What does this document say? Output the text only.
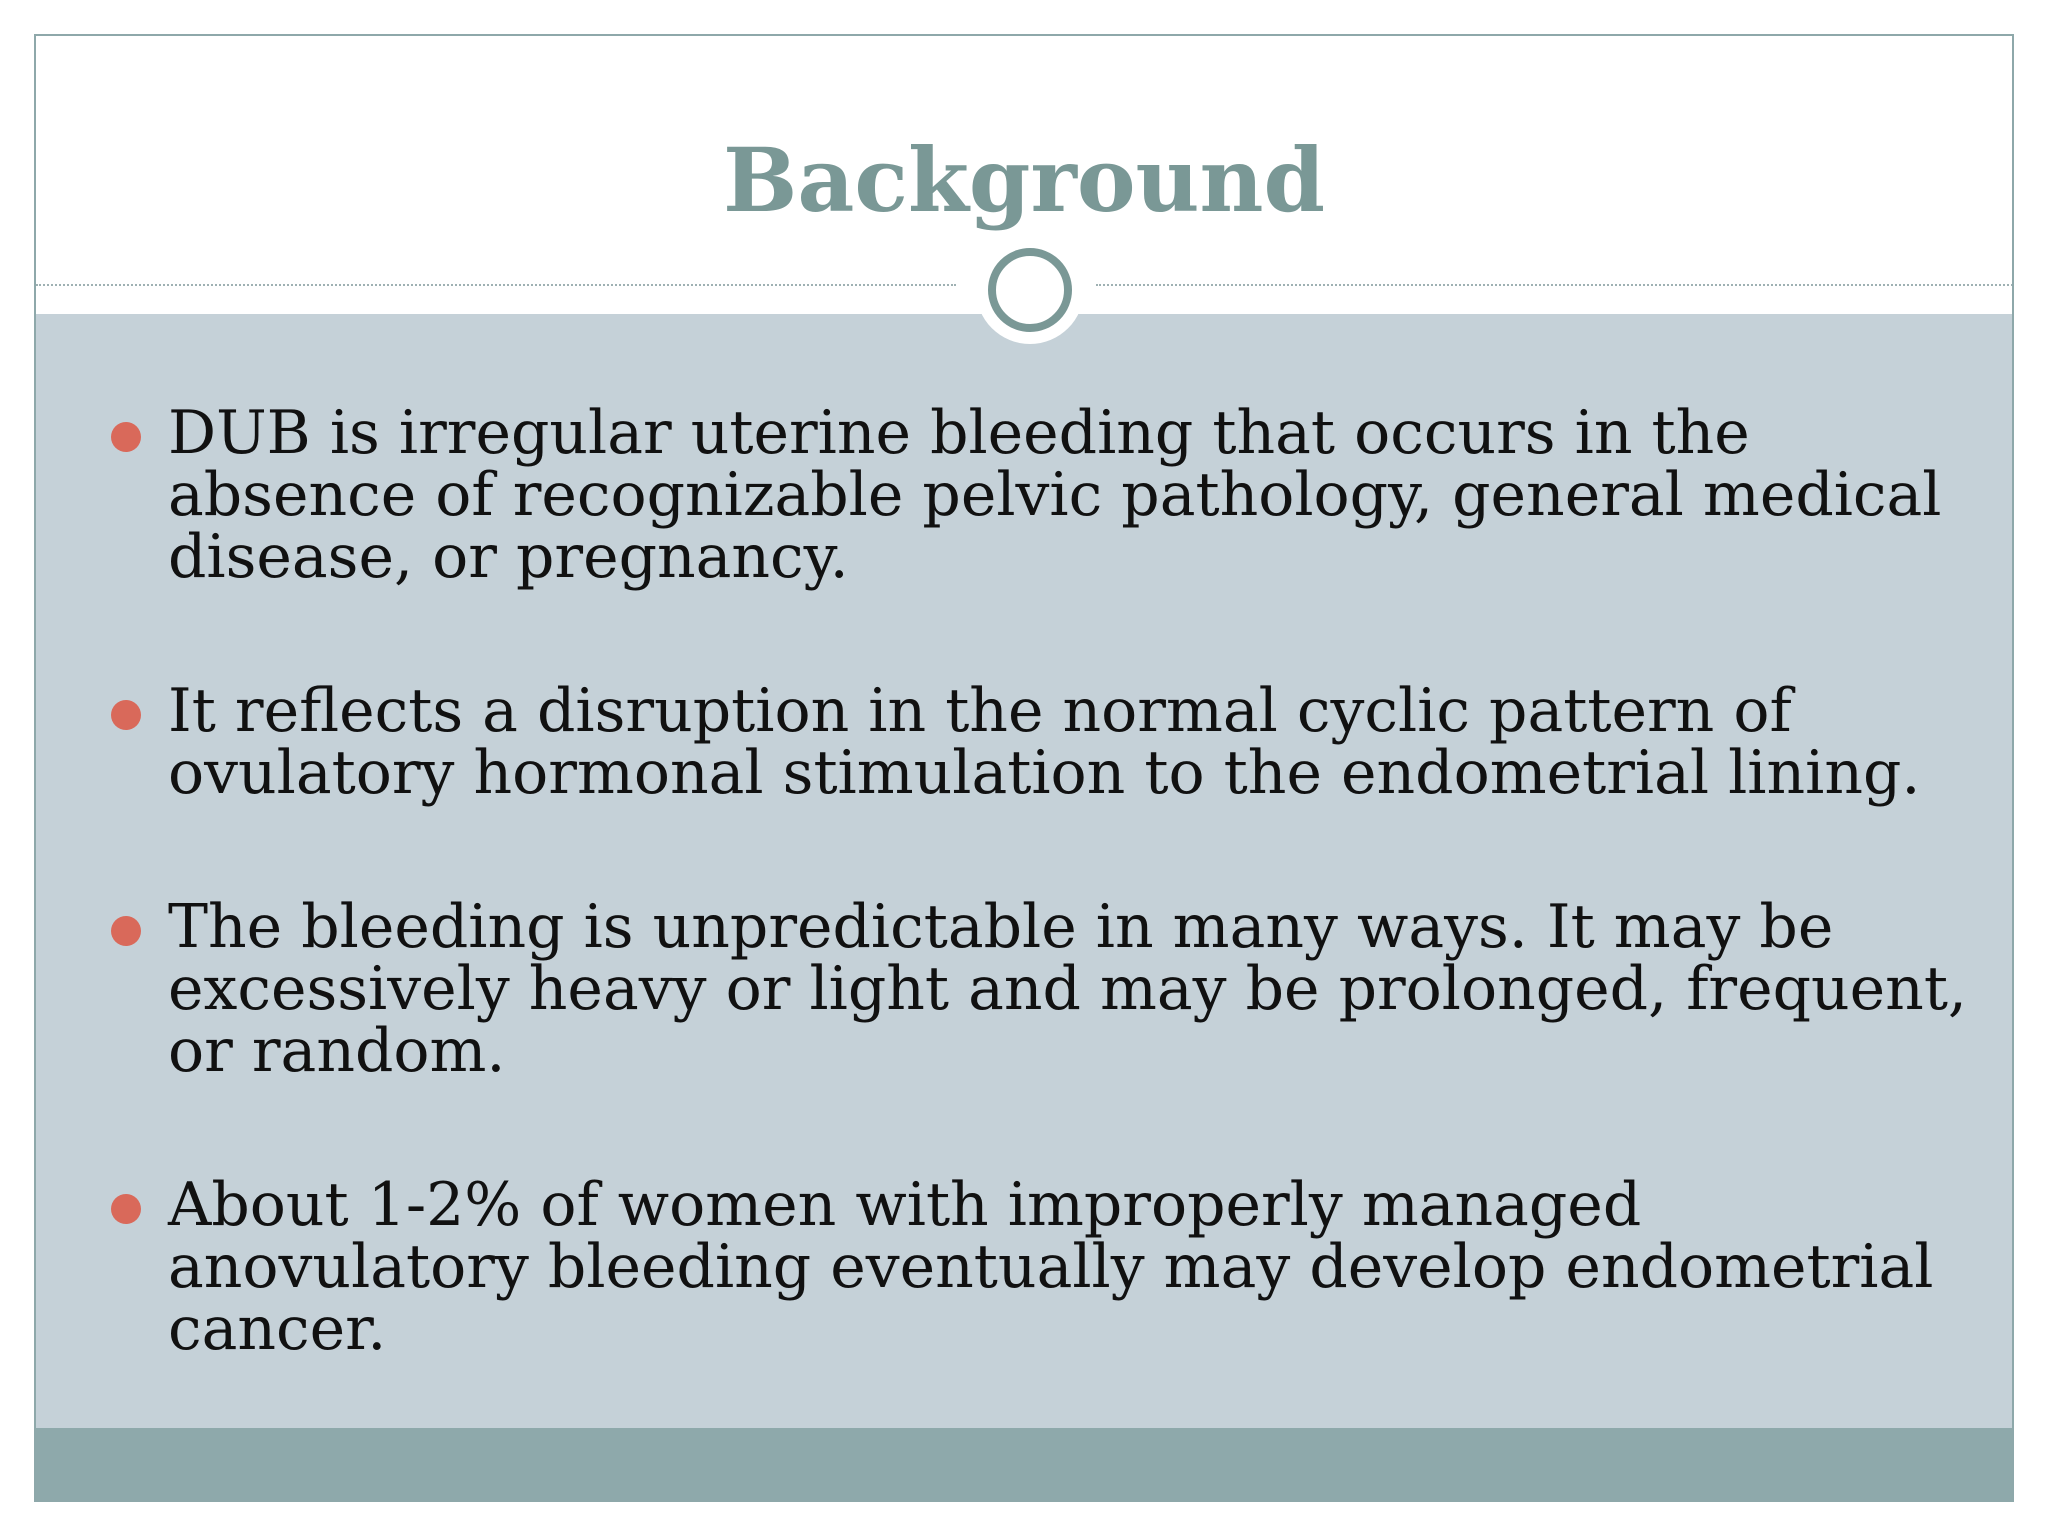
Background
DUB is irregular uterine bleeding that occurs in the absence of recognizable pelvic pathology, general medical disease, or pregnancy.
It reflects a disruption in the normal cyclic pattern of ovulatory hormonal stimulation to the endometrial lining.
The bleeding is unpredictable in many ways. It may be excessively heavy or light and may be prolonged, frequent, or random.
About 1-2% of women with improperly managed anovulatory bleeding eventually may develop endometrial cancer.
